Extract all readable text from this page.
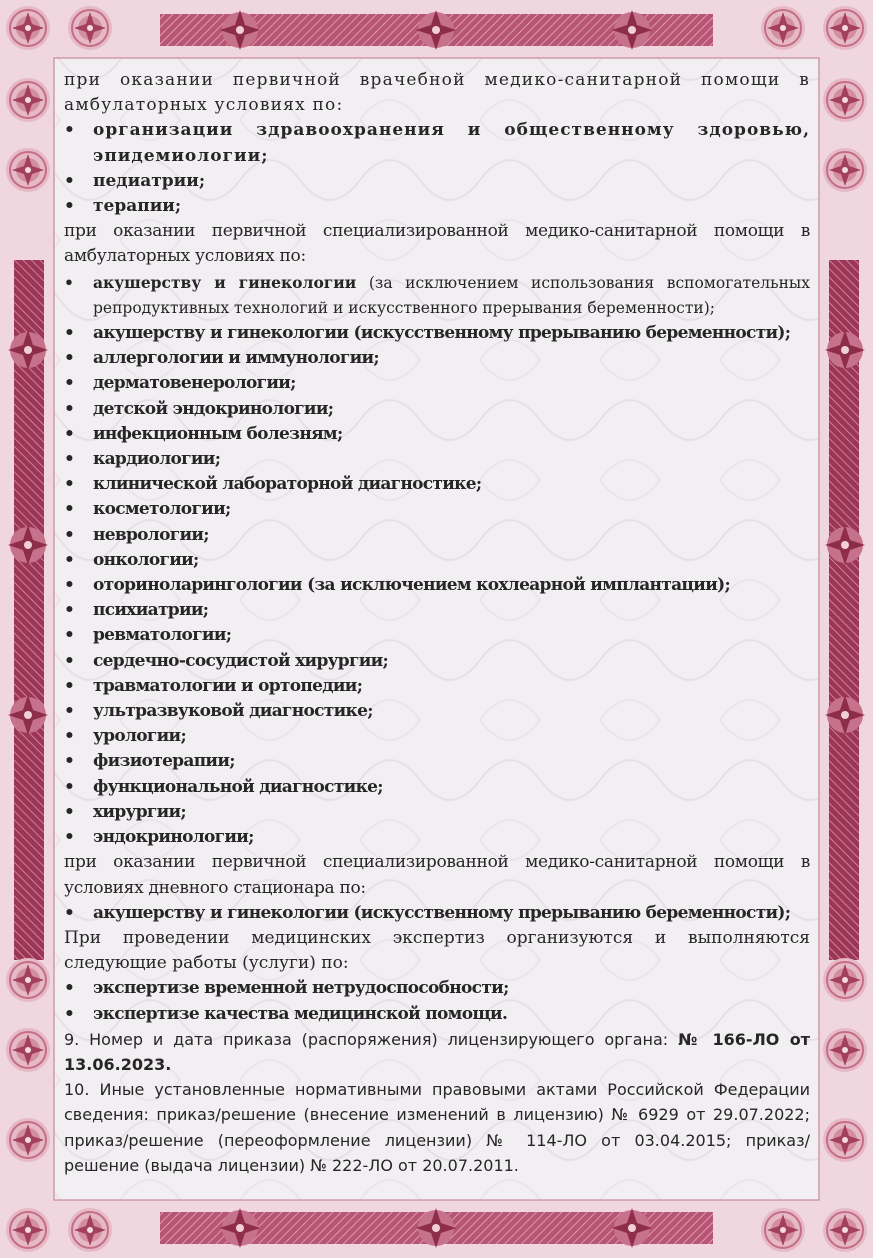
при оказании первичной врачебной медико-санитарной помощи в амбулаторных условиях по:

• организации здравоохранения и общественному здоровью, эпидемиологии;
• педиатрии;
• терапии;

при оказании первичной специализированной медико-санитарной помощи в амбулаторных условиях по:

• акушерству и гинекологии (за исключением использования вспомогательных репродуктивных технологий и искусственного прерывания беременности);
• акушерству и гинекологии (искусственному прерыванию беременности);
• аллергологии и иммунологии;
• дерматовенерологии;
• детской эндокринологии;
• инфекционным болезням;
• кардиологии;
• клинической лабораторной диагностике;
• косметологии;
• неврологии;
• онкологии;
• оториноларингологии (за исключением кохлеарной имплантации);
• психиатрии;
• ревматологии;
• сердечно-сосудистой хирургии;
• травматологии и ортопедии;
• ультразвуковой диагностике;
• урологии;
• физиотерапии;
• функциональной диагностике;
• хирургии;
• эндокринологии;

при оказании первичной специализированной медико-санитарной помощи в условиях дневного стационара по:

• акушерству и гинекологии (искусственному прерыванию беременности);

При проведении медицинских экспертиз организуются и выполняются следующие работы (услуги) по:

• экспертизе временной нетрудоспособности;
• экспертизе качества медицинской помощи.

9. Номер и дата приказа (распоряжения) лицензирующего органа: № 166-ЛО от 13.06.2023.

10. Иные установленные нормативными правовыми актами Российской Федерации сведения: приказ/решение (внесение изменений в лицензию) № 6929 от 29.07.2022; приказ/решение (переоформление лицензии) № 114-ЛО от 03.04.2015; приказ/решение (выдача лицензии) № 222-ЛО от 20.07.2011.
